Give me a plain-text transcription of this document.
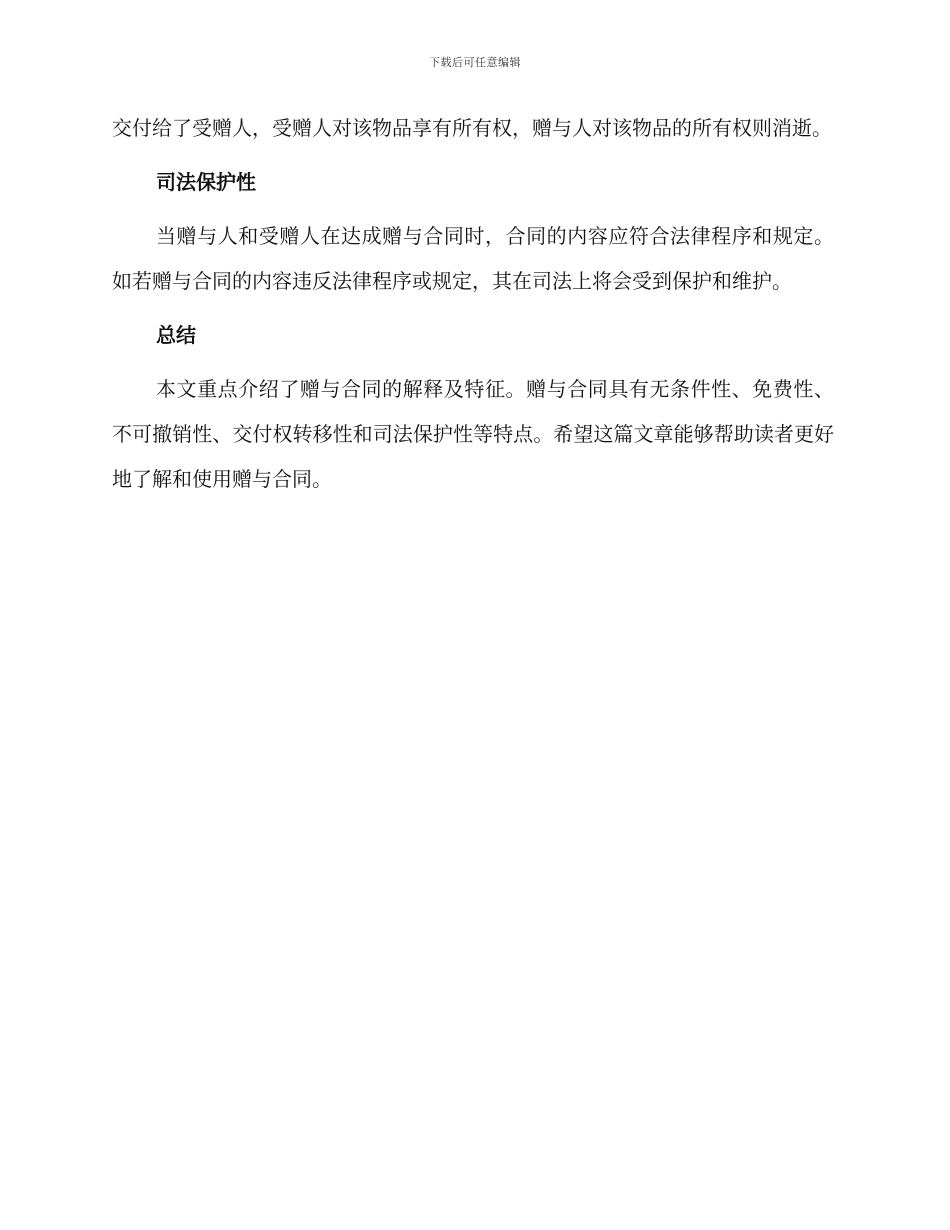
下载后可任意编辑

交付给了受赠人，受赠人对该物品享有所有权，赠与人对该物品的所有权则消逝。

司法保护性

当赠与人和受赠人在达成赠与合同时，合同的内容应符合法律程序和规定。如若赠与合同的内容违反法律程序或规定，其在司法上将会受到保护和维护。

总结

本文重点介绍了赠与合同的解释及特征。赠与合同具有无条件性、免费性、不可撤销性、交付权转移性和司法保护性等特点。希望这篇文章能够帮助读者更好地了解和使用赠与合同。
